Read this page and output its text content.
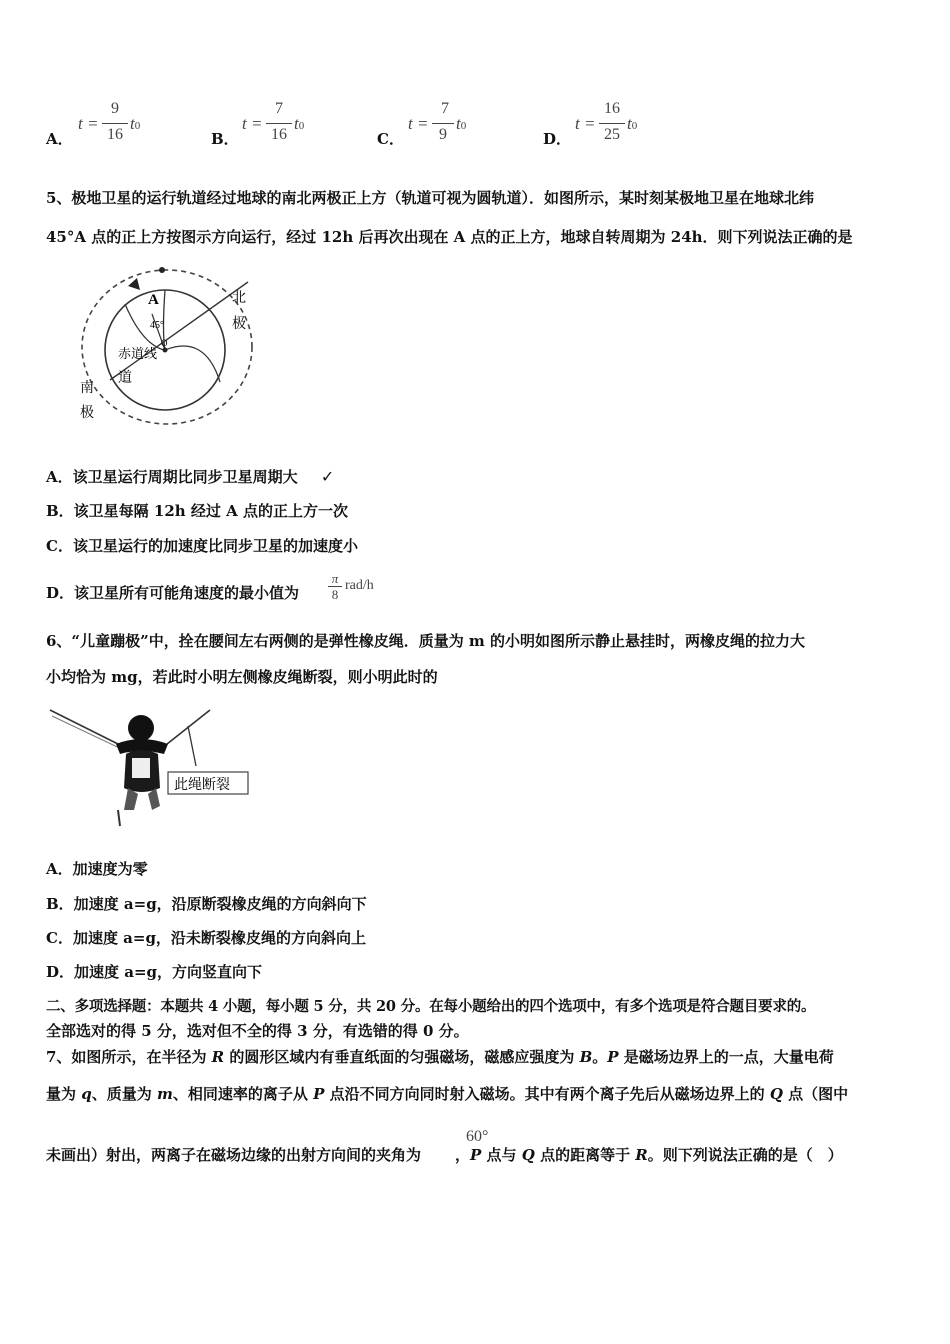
A．
t =
9
16
t0
B．
t =
7
16
t0
C．
t =
7
9
t0
D．
t =
16
25
t0
5、极地卫星的运行轨道经过地球的南北两极正上方（轨道可视为圆轨道）．如图所示，某时刻某极地卫星在地球北纬
45°A 点的正上方按图示方向运行，经过 12h 后再次出现在 A 点的正上方，地球自转周期为 24h．则下列说法正确的是
A
45°
O
北
极
赤道线
道
南
极
A．该卫星运行周期比同步卫星周期大 ✓
B．该卫星每隔 12h 经过 A 点的正上方一次
C．该卫星运行的加速度比同步卫星的加速度小
D．该卫星所有可能角速度的最小值为
π
8
rad/h
6、“儿童蹦极”中，拴在腰间左右两侧的是弹性橡皮绳．质量为 m 的小明如图所示静止悬挂时，两橡皮绳的拉力大
小均恰为 mg，若此时小明左侧橡皮绳断裂，则小明此时的
此绳断裂
A．加速度为零
B．加速度 a=g，沿原断裂橡皮绳的方向斜向下
C．加速度 a=g，沿未断裂橡皮绳的方向斜向上
D．加速度 a=g，方向竖直向下
二、多项选择题：本题共 4 小题，每小题 5 分，共 20 分。在每小题给出的四个选项中，有多个选项是符合题目要求的。
全部选对的得 5 分，选对但不全的得 3 分，有选错的得 0 分。
7、如图所示，在半径为 R 的圆形区域内有垂直纸面的匀强磁场，磁感应强度为 B。P 是磁场边界上的一点，大量电荷
量为 q、质量为 m、相同速率的离子从 P 点沿不同方向同时射入磁场。其中有两个离子先后从磁场边界上的 Q 点（图中
未画出）射出，两离子在磁场边缘的出射方向间的夹角为 ，P 点与 Q 点的距离等于 R。则下列说法正确的是（　）
60°
